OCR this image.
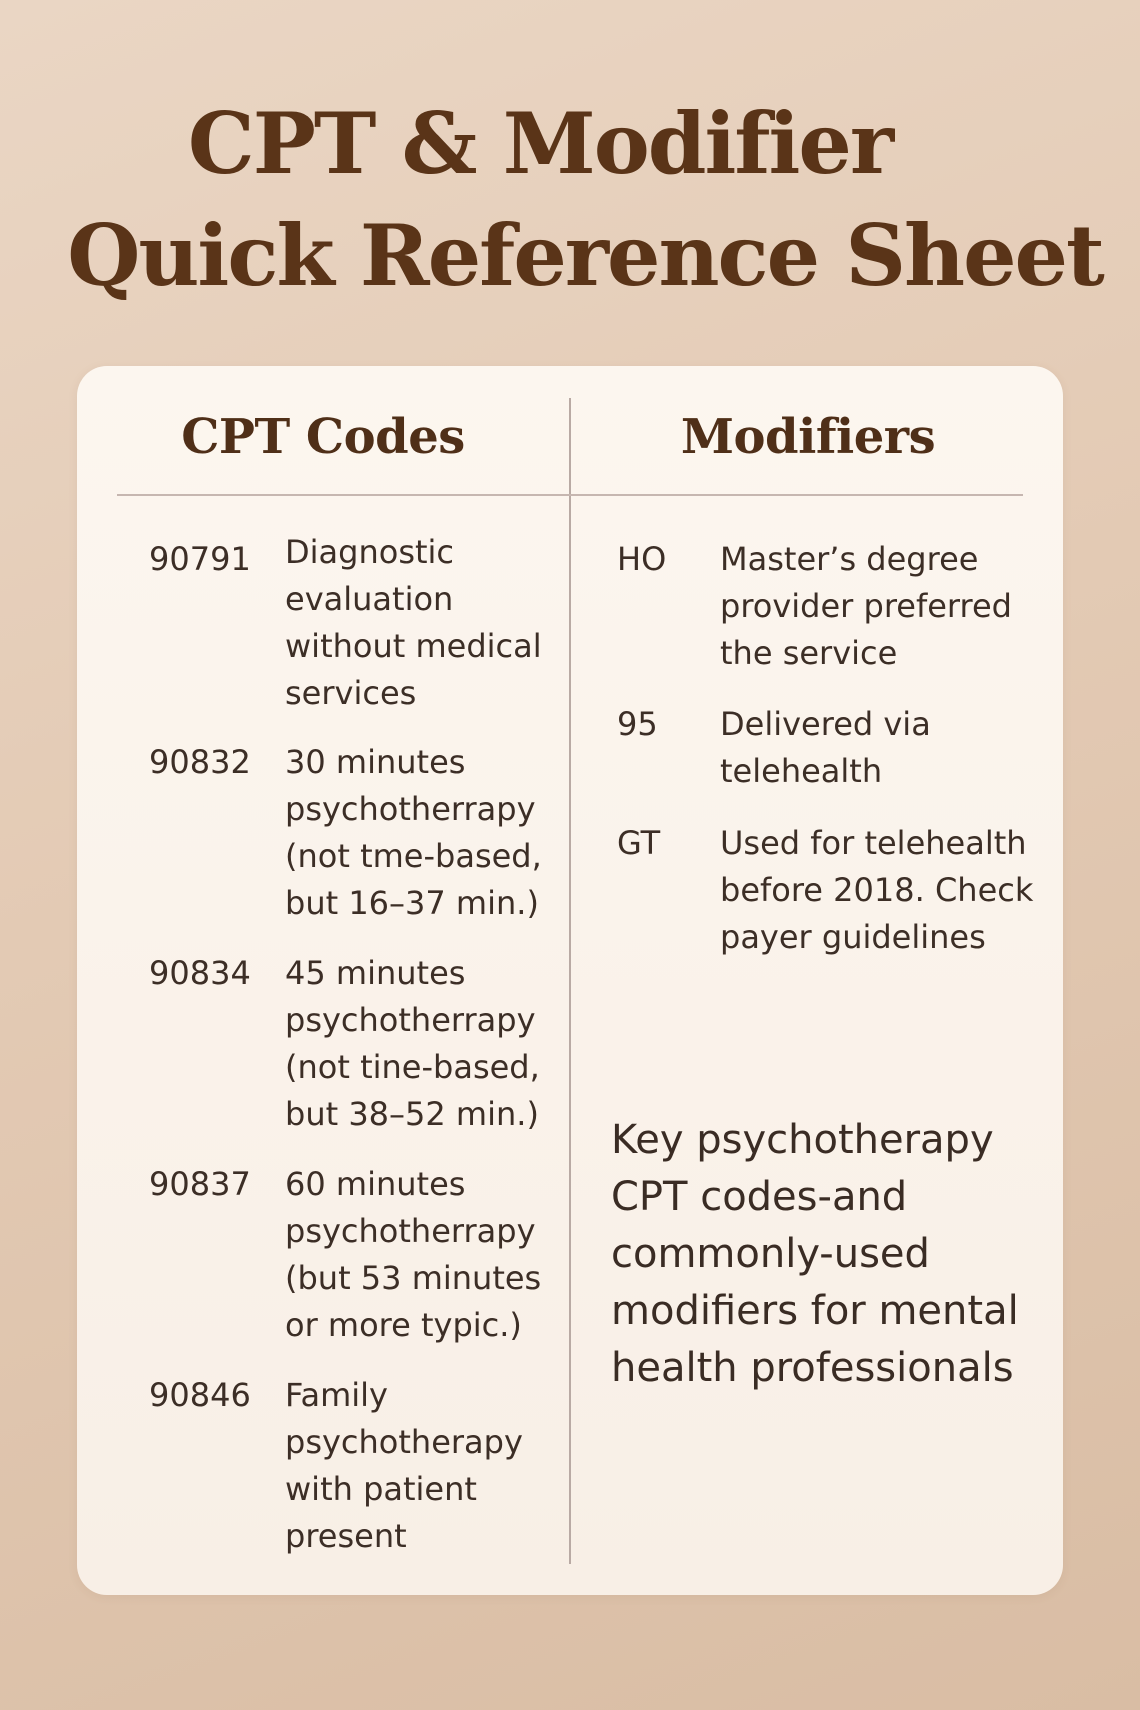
CPT & Modifier
Quick Reference Sheet
CPT Codes	Modifiers
90791	Diagnostic
evaluation
without medical
services
90832	30 minutes
psychotherrapy
(not tme-based,
but 16–37 min.)
90834	45 minutes
psychotherrapy
(not tine-based,
but 38–52 min.)
90837	60 minutes
psychotherrapy
(but 53 minutes
or more typic.)
90846	Family
psychotherapy
with patient
present
HO	Master’s degree
provider preferred
the service
95	Delivered via
telehealth
GT	Used for telehealth
before 2018. Check
payer guidelines
Key psychotherapy
CPT codes-and
commonly-used
modifiers for mental
health professionals
